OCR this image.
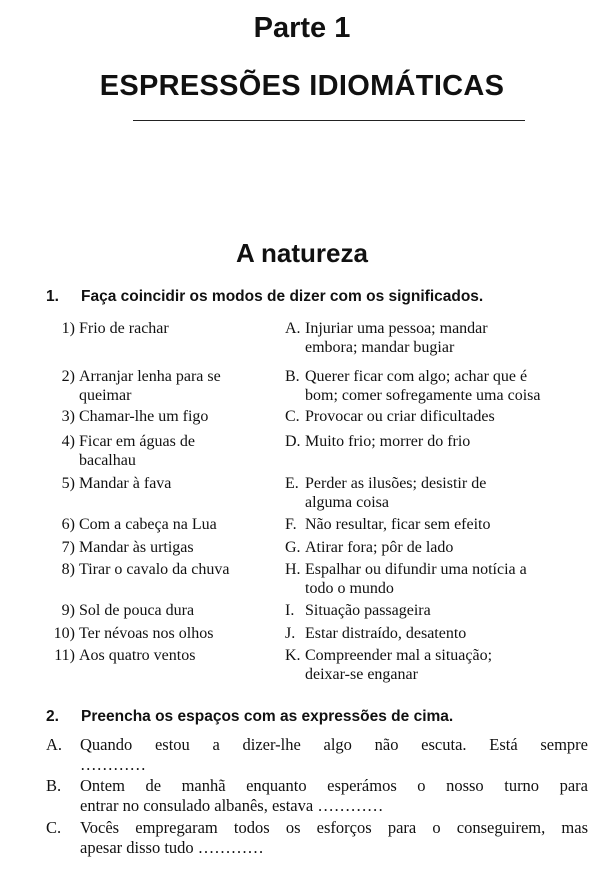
Parte 1
ESPRESSÕES IDIOMÁTICAS
A natureza
1. Faça coincidir os modos de dizer com os significados.
1) Frio de rachar
2) Arranjar lenha para se
queimar
3) Chamar-lhe um figo
4) Ficar em águas de
bacalhau
5) Mandar à fava
6) Com a cabeça na Lua
7) Mandar às urtigas
8) Tirar o cavalo da chuva
9) Sol de pouca dura
10) Ter névoas nos olhos
11) Aos quatro ventos
A. Injuriar uma pessoa; mandar
embora; mandar bugiar
B. Querer ficar com algo; achar que é
bom; comer sofregamente uma coisa
C. Provocar ou criar dificultades
D. Muito frio; morrer do frio
E. Perder as ilusões; desistir de
alguma coisa
F. Não resultar, ficar sem efeito
G. Atirar fora; pôr de lado
H. Espalhar ou difundir uma notícia a
todo o mundo
I. Situação passageira
J. Estar distraído, desatento
K. Compreender mal a situação;
deixar-se enganar
2. Preencha os espaços com as expressões de cima.
A. Quando estou a dizer-lhe algo não escuta. Está sempre
…………
B. Ontem de manhã enquanto esperámos o nosso turno para
entrar no consulado albanês, estava …………
C. Vocês empregaram todos os esforços para o conseguirem, mas
apesar disso tudo …………
